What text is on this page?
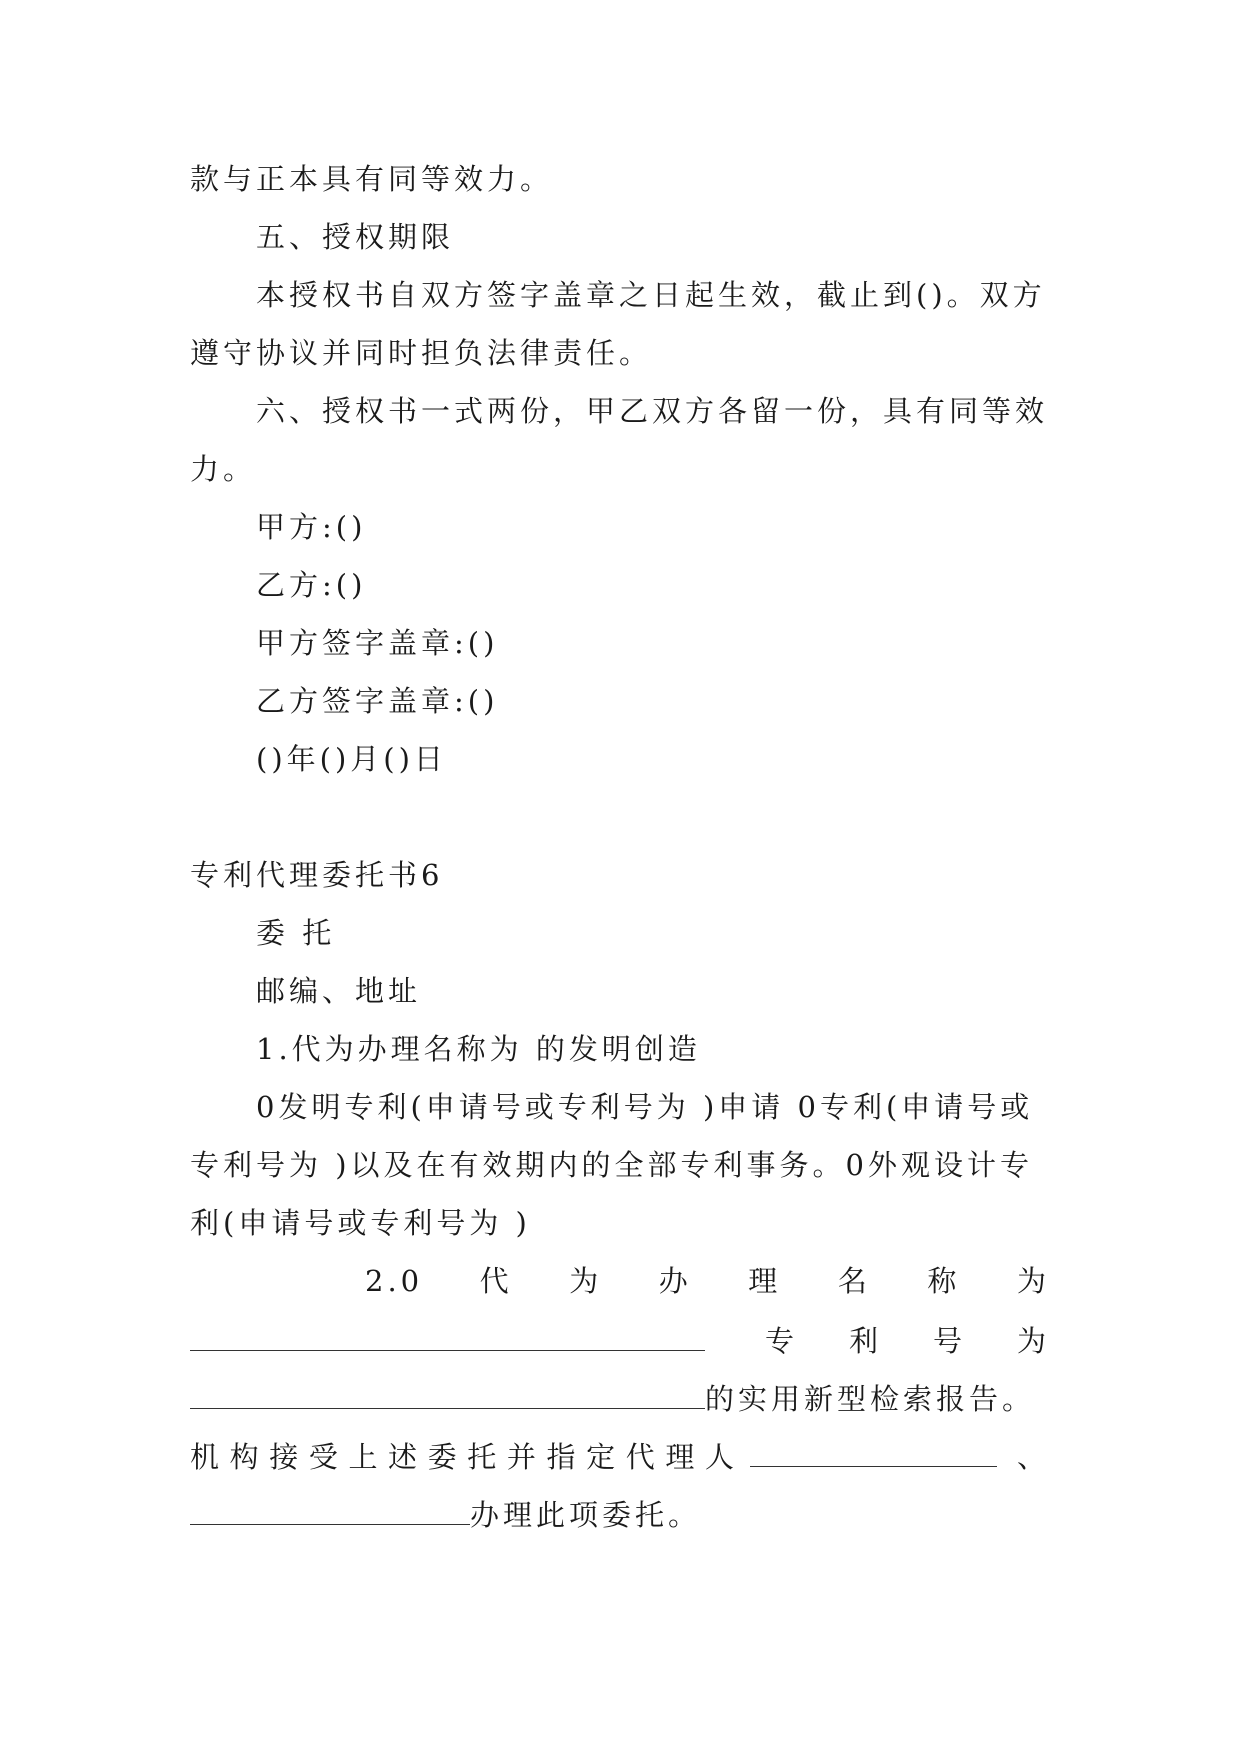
款与正本具有同等效力。
五、授权期限
本授权书自双方签字盖章之日起生效，截止到()。双方
遵守协议并同时担负法律责任。
六、授权书一式两份，甲乙双方各留一份，具有同等效
力。
甲方:()
乙方:()
甲方签字盖章:()
乙方签字盖章:()
()年()月()日
专利代理委托书6
委 托
邮编、地址
1.代为办理名称为 的发明创造
0发明专利(申请号或专利号为 )申请 0专利(申请号或
专利号为 )以及在有效期内的全部专利事务。0外观设计专
利(申请号或专利号为 )
2.0 代 为 办 理 名 称 为
专 利 号 为
的实用新型检索报告。
机 构 接 受 上 述 委 托 并 指 定 代 理 人	、
办理此项委托。
